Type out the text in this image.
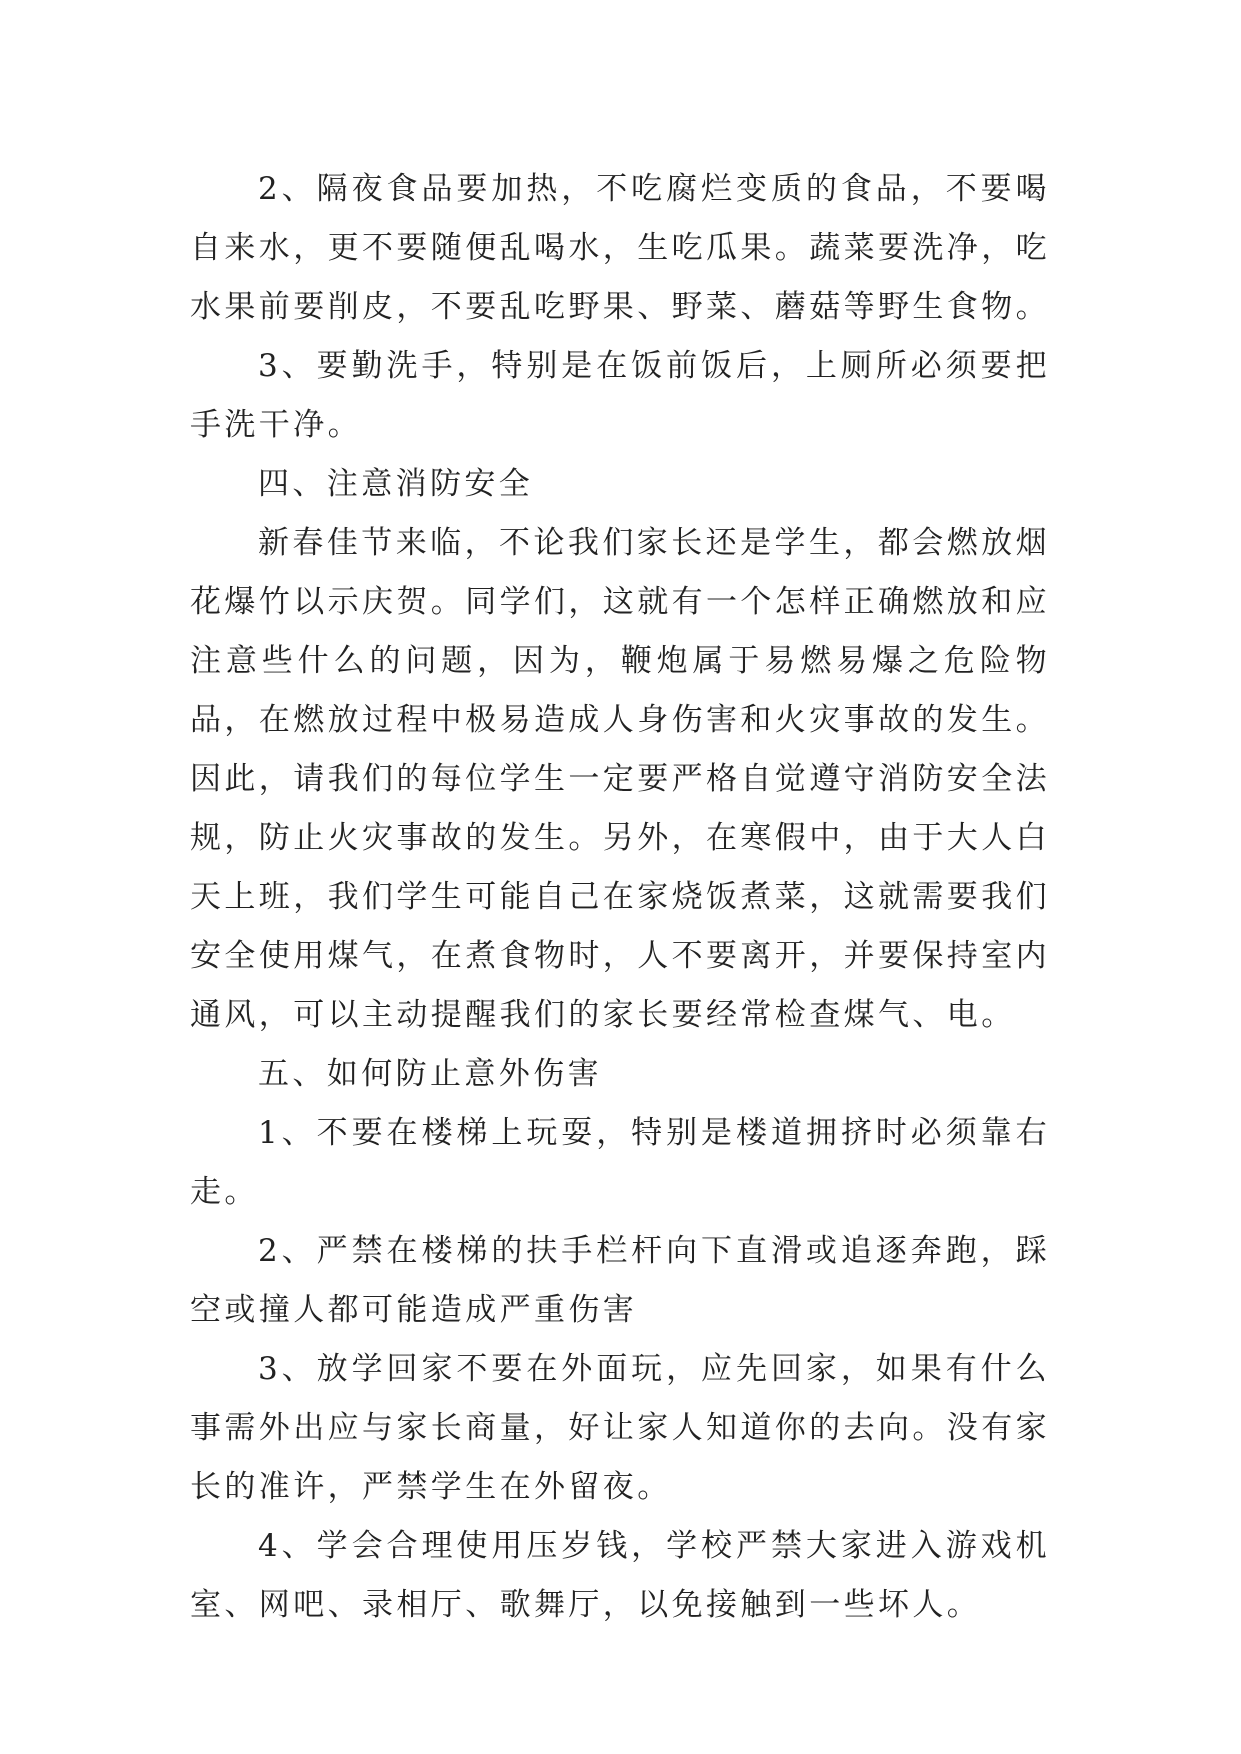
2、隔夜食品要加热，不吃腐烂变质的食品，不要喝自来水，更不要随便乱喝水，生吃瓜果。蔬菜要洗净，吃水果前要削皮，不要乱吃野果、野菜、蘑菇等野生食物。

3、要勤洗手，特别是在饭前饭后，上厕所必须要把手洗干净。

四、注意消防安全

新春佳节来临，不论我们家长还是学生，都会燃放烟花爆竹以示庆贺。同学们，这就有一个怎样正确燃放和应注意些什么的问题，因为，鞭炮属于易燃易爆之危险物品，在燃放过程中极易造成人身伤害和火灾事故的发生。因此，请我们的每位学生一定要严格自觉遵守消防安全法规，防止火灾事故的发生。另外，在寒假中，由于大人白天上班，我们学生可能自己在家烧饭煮菜，这就需要我们安全使用煤气，在煮食物时，人不要离开，并要保持室内通风，可以主动提醒我们的家长要经常检查煤气、电。

五、如何防止意外伤害

1、不要在楼梯上玩耍，特别是楼道拥挤时必须靠右走。

2、严禁在楼梯的扶手栏杆向下直滑或追逐奔跑，踩空或撞人都可能造成严重伤害

3、放学回家不要在外面玩，应先回家，如果有什么事需外出应与家长商量，好让家人知道你的去向。没有家长的准许，严禁学生在外留夜。

4、学会合理使用压岁钱，学校严禁大家进入游戏机室、网吧、录相厅、歌舞厅，以免接触到一些坏人。
